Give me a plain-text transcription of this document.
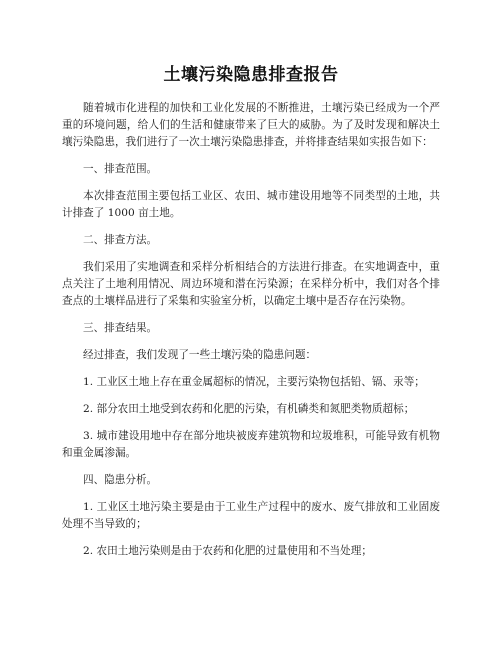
土壤污染隐患排查报告

随着城市化进程的加快和工业化发展的不断推进，土壤污染已经成为一个严重的环境问题，给人们的生活和健康带来了巨大的威胁。为了及时发现和解决土壤污染隐患，我们进行了一次土壤污染隐患排查，并将排查结果如实报告如下：

一、排查范围。

本次排查范围主要包括工业区、农田、城市建设用地等不同类型的土地，共计排查了 1000 亩土地。

二、排查方法。

我们采用了实地调查和采样分析相结合的方法进行排查。在实地调查中，重点关注了土地利用情况、周边环境和潜在污染源；在采样分析中，我们对各个排查点的土壤样品进行了采集和实验室分析，以确定土壤中是否存在污染物。

三、排查结果。

经过排查，我们发现了一些土壤污染的隐患问题：

1. 工业区土地上存在重金属超标的情况，主要污染物包括铅、镉、汞等；

2. 部分农田土地受到农药和化肥的污染，有机磷类和氮肥类物质超标；

3. 城市建设用地中存在部分地块被废弃建筑物和垃圾堆积，可能导致有机物和重金属渗漏。

四、隐患分析。

1. 工业区土地污染主要是由于工业生产过程中的废水、废气排放和工业固废处理不当导致的；

2. 农田土地污染则是由于农药和化肥的过量使用和不当处理；
